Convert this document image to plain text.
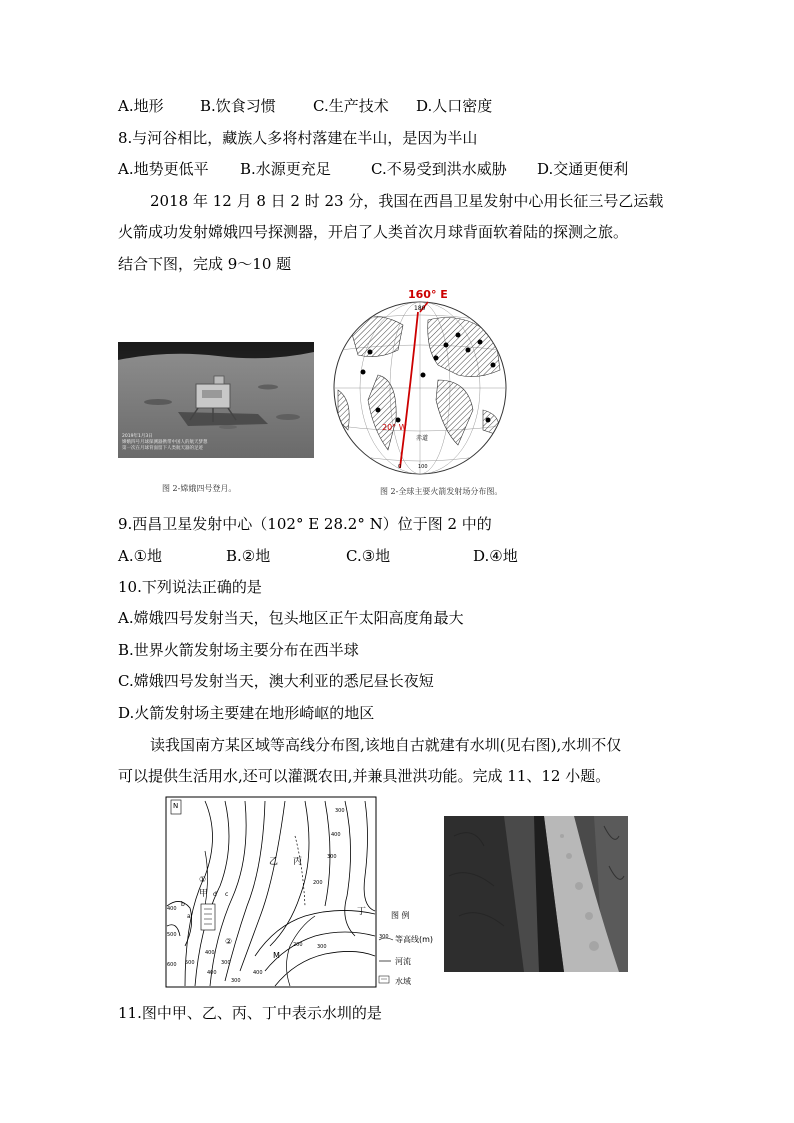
A.地形 B.饮食习惯 C.生产技术 D.人口密度
8.与河谷相比，藏族人多将村落建在半山，是因为半山
A.地势更低平 B.水源更充足	C.不易受到洪水威胁 D.交通更便利
2018 年 12 月 8 日 2 时 23 分，我国在西昌卫星发射中心用长征三号乙运载
火箭成功发射嫦娥四号探测器，开启了人类首次月球背面软着陆的探测之旅。
结合下图，完成 9～10 题
2019年1月3日 嫦娥四号月球探测器携带中国人的航天梦想 第一次在月球背面留下人类航天器的足迹
图 2-嫦娥四号登月。
160° E
180
20° W
赤道
100
0
图 2-全球主要火箭发射场分布图。
9.西昌卫星发射中心（102° E 28.2° N）位于图 2 中的
A.①地	B.②地	C.③地	D.④地
10.下列说法正确的是
A.嫦娥四号发射当天，包头地区正午太阳高度角最大
B.世界火箭发射场主要分布在西半球
C.嫦娥四号发射当天，澳大利亚的悉尼昼长夜短
D.火箭发射场主要建在地形崎岖的地区
读我国南方某区域等高线分布图,该地自古就建有水圳(见右图),水圳不仅
可以提供生活用水,还可以灌溉农田,并兼具泄洪功能。完成 11、12 小题。
N
甲
乙 丙
丁
①
②
M
a
b
c
d
300
400
300
200
400
500
600 500
400
300
200	300
400
300
400
图 例
300 等高线(m)
河流
水域
11.图中甲、乙、丙、丁中表示水圳的是
